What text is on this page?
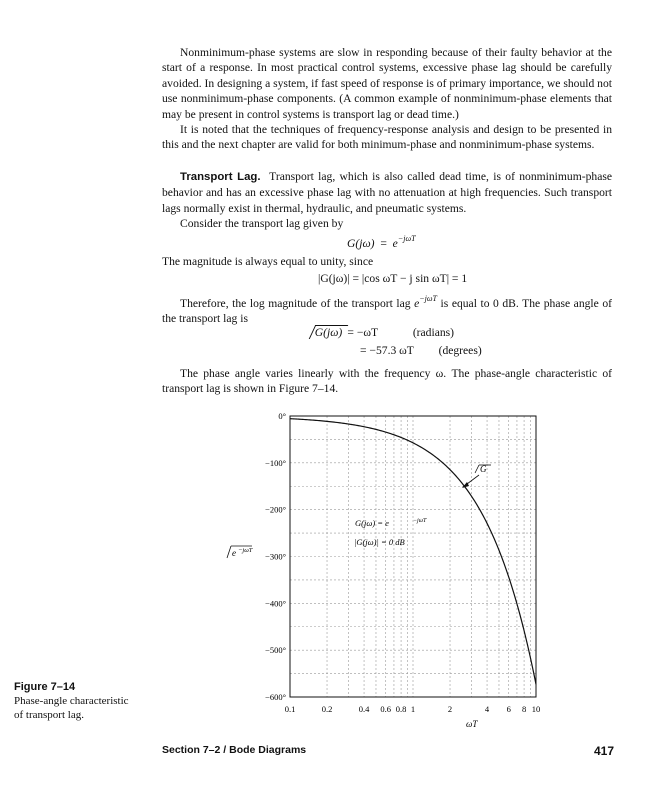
Nonminimum-phase systems are slow in responding because of their faulty behavior at the start of a response. In most practical control systems, excessive phase lag should be carefully avoided. In designing a system, if fast speed of response is of primary importance, we should not use nonminimum-phase components. (A common example of nonminimum-phase elements that may be present in control systems is transport lag or dead time.)

It is noted that the techniques of frequency-response analysis and design to be presented in this and the next chapter are valid for both minimum-phase and nonminimum-phase systems.

Transport Lag. Transport lag, which is also called dead time, is of nonminimum-phase behavior and has an excessive phase lag with no attenuation at high frequencies. Such transport lags normally exist in thermal, hydraulic, and pneumatic systems.

Consider the transport lag given by

$G(j\omega) = e^{-j\omega T}$

The magnitude is always equal to unity, since

|G(jω)| = |cos ωT − j sin ωT| = 1

Therefore, the log magnitude of the transport lag $e^{-j\omega T}$ is equal to 0 dB. The phase angle of the transport lag is

G(jω) = −ωT	(radians)
= −57.3 ωT (degrees)

The phase angle varies linearly with the frequency ω. The phase-angle characteristic of transport lag is shown in Figure 7–14.

0°
−100°
−200°
−300°
−400°
−500°
−600°
0.1	0.2	0.4 0.6 0.8 1	2	4 6 8 10
ωT
e −jωT
G
G(jω) = e	−jωT
|G(jω)| = 0 dB
Figure 7–14
Phase-angle characteristic of transport lag.
Section 7–2 / Bode Diagrams	417
